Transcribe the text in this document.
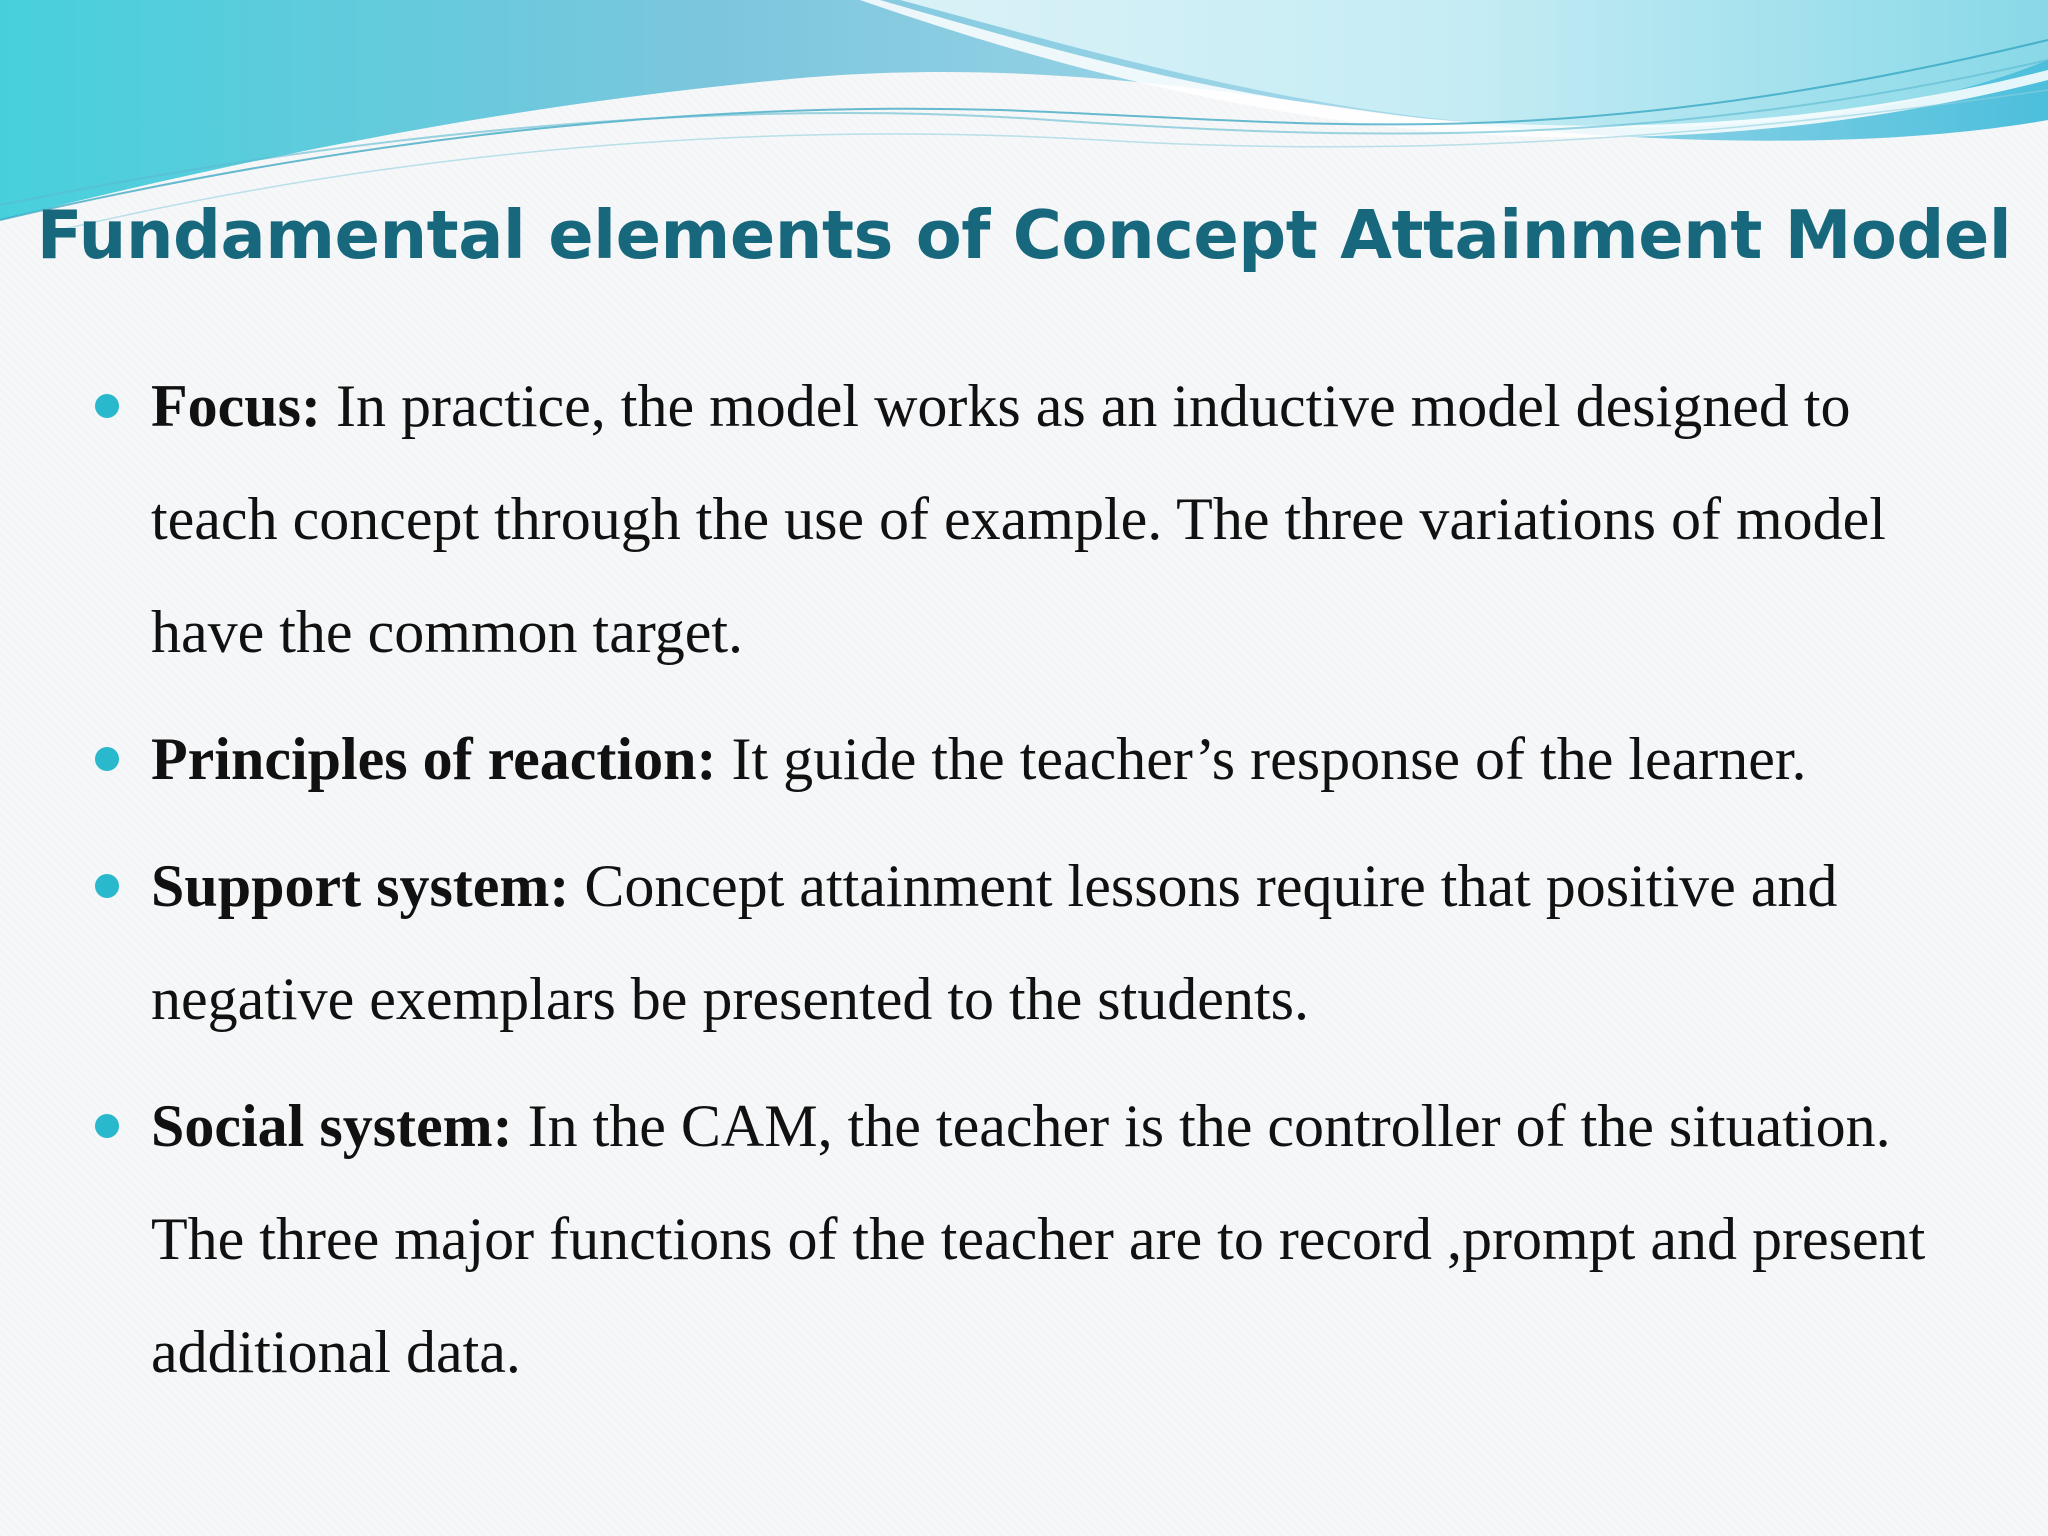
Fundamental elements of Concept Attainment Model
Focus: In practice, the model works as an inductive model designed to teach concept through the use of example. The three variations of model have the common target.
Principles of reaction: It guide the teacher’s response of the learner.
Support system: Concept attainment lessons require that positive and negative exemplars be presented to the students.
Social system: In the CAM, the teacher is the controller of the situation. The three major functions of the teacher are to record ,prompt and present additional data.
